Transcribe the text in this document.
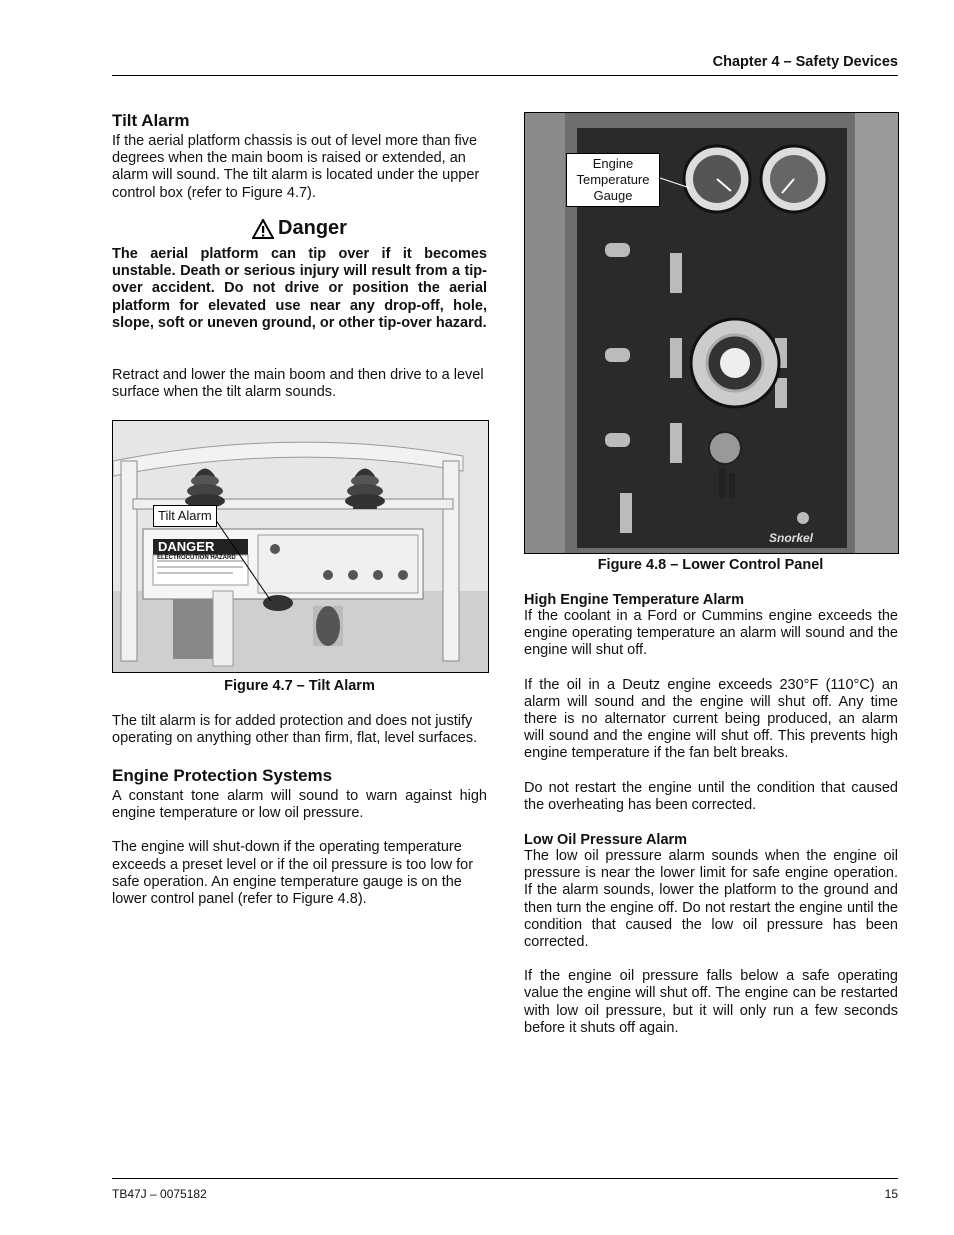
Chapter 4 – Safety Devices
Tilt Alarm

If the aerial platform chassis is out of level more than five degrees when the main boom is raised or extended, an alarm will sound. The tilt alarm is located under the upper control box (refer to Figure 4.7).

Danger

The aerial platform can tip over if it becomes unstable. Death or serious injury will result from a tip-over accident. Do not drive or position the aerial platform for elevated use near any drop-off, hole, slope, soft or uneven ground, or other tip-over hazard.

Retract and lower the main boom and then drive to a level surface when the tilt alarm sounds.

DANGER
ELECTROCUTION HAZARD
Tilt Alarm
Figure 4.7 – Tilt Alarm

The tilt alarm is for added protection and does not justify operating on anything other than firm, flat, level surfaces.

Engine Protection Systems

A constant tone alarm will sound to warn against high engine temperature or low oil pressure.

The engine will shut-down if the operating temperature exceeds a preset level or if the oil pressure is too low for safe operation. An engine temperature gauge is on the lower control panel (refer to Figure 4.8).

Snorkel
Engine
Temperature
Gauge
Figure 4.8 – Lower Control Panel
High Engine Temperature Alarm

If the coolant in a Ford or Cummins engine exceeds the engine operating temperature an alarm will sound and the engine will shut off.

If the oil in a Deutz engine exceeds 230°F (110°C) an alarm will sound and the engine will shut off. Any time there is no alternator current being produced, an alarm will sound and the engine will shut off. This prevents high engine temperature if the fan belt breaks.

Do not restart the engine until the condition that caused the overheating has been corrected.

Low Oil Pressure Alarm

The low oil pressure alarm sounds when the engine oil pressure is near the lower limit for safe engine operation. If the alarm sounds, lower the platform to the ground and then turn the engine off. Do not restart the engine until the condition that caused the low oil pressure has been corrected.

If the engine oil pressure falls below a safe operating value the engine will shut off. The engine can be restarted with low oil pressure, but it will only run a few seconds before it shuts off again.

TB47J – 0075182	15
